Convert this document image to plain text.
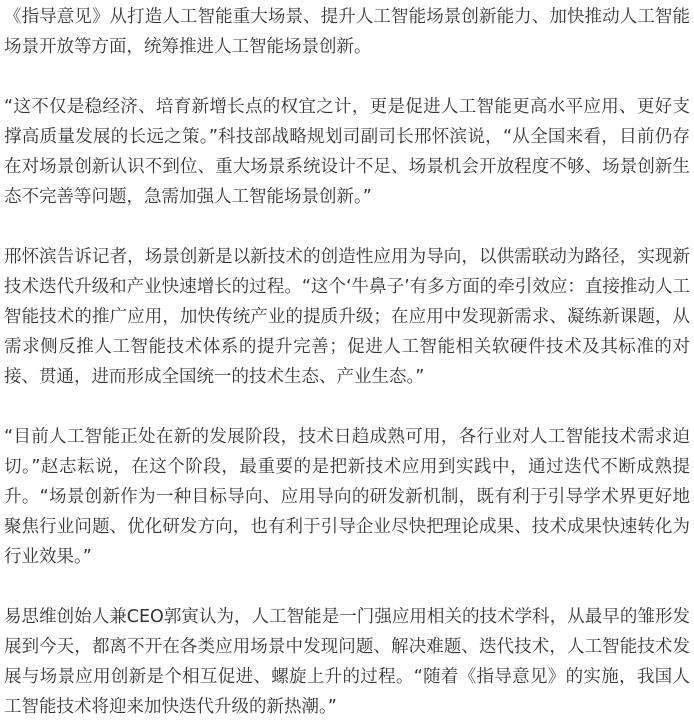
《指导意见》从打造人工智能重大场景、提升人工智能场景创新能力、加快推动人工智能场景开放等方面，统筹推进人工智能场景创新。

“这不仅是稳经济、培育新增长点的权宜之计，更是促进人工智能更高水平应用、更好支撑高质量发展的长远之策。”科技部战略规划司副司长邢怀滨说，“从全国来看，目前仍存在对场景创新认识不到位、重大场景系统设计不足、场景机会开放程度不够、场景创新生态不完善等问题，急需加强人工智能场景创新。”

邢怀滨告诉记者，场景创新是以新技术的创造性应用为导向，以供需联动为路径，实现新技术迭代升级和产业快速增长的过程。“这个‘牛鼻子’有多方面的牵引效应：直接推动人工智能技术的推广应用，加快传统产业的提质升级；在应用中发现新需求、凝练新课题，从需求侧反推人工智能技术体系的提升完善；促进人工智能相关软硬件技术及其标准的对接、贯通，进而形成全国统一的技术生态、产业生态。”

“目前人工智能正处在新的发展阶段，技术日趋成熟可用，各行业对人工智能技术需求迫切。”赵志耘说，在这个阶段，最重要的是把新技术应用到实践中，通过迭代不断成熟提升。“场景创新作为一种目标导向、应用导向的研发新机制，既有利于引导学术界更好地聚焦行业问题、优化研发方向，也有利于引导企业尽快把理论成果、技术成果快速转化为行业效果。”

易思维创始人兼CEO郭寅认为，人工智能是一门强应用相关的技术学科，从最早的雏形发展到今天，都离不开在各类应用场景中发现问题、解决难题、迭代技术，人工智能技术发展与场景应用创新是个相互促进、螺旋上升的过程。“随着《指导意见》的实施，我国人工智能技术将迎来加快迭代升级的新热潮。”
